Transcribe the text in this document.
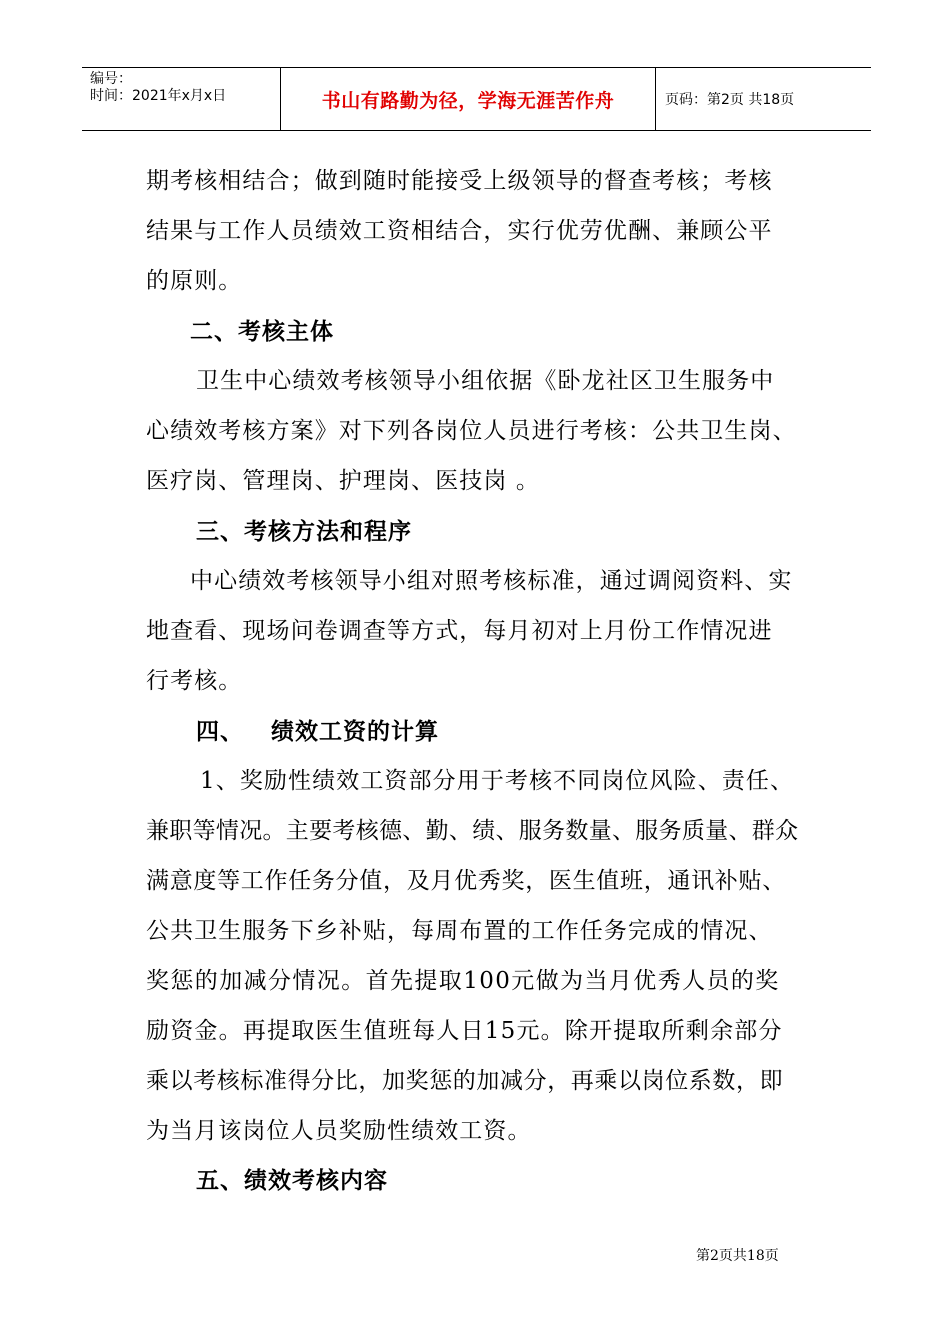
编号：
时间：2021年x月x日	书山有路勤为径，学海无涯苦作舟	页码：第2页 共18页
期考核相结合；做到随时能接受上级领导的督查考核；考核
结果与工作人员绩效工资相结合，实行优劳优酬、兼顾公平
的原则。
二、考核主体
卫生中心绩效考核领导小组依据《卧龙社区卫生服务中
心绩效考核方案》对下列各岗位人员进行考核：公共卫生岗、
医疗岗、管理岗、护理岗、医技岗 。
三、考核方法和程序
中心绩效考核领导小组对照考核标准，通过调阅资料、实
地查看、现场问卷调查等方式，每月初对上月份工作情况进
行考核。
四、   绩效工资的计算
1、奖励性绩效工资部分用于考核不同岗位风险、责任、
兼职等情况。主要考核德、勤、绩、服务数量、服务质量、群众
满意度等工作任务分值，及月优秀奖，医生值班，通讯补贴、
公共卫生服务下乡补贴，每周布置的工作任务完成的情况、
奖惩的加减分情况。首先提取100元做为当月优秀人员的奖
励资金。再提取医生值班每人日15元。除开提取所剩余部分
乘以考核标准得分比，加奖惩的加减分，再乘以岗位系数，即
为当月该岗位人员奖励性绩效工资。
五、绩效考核内容
第2页共18页
